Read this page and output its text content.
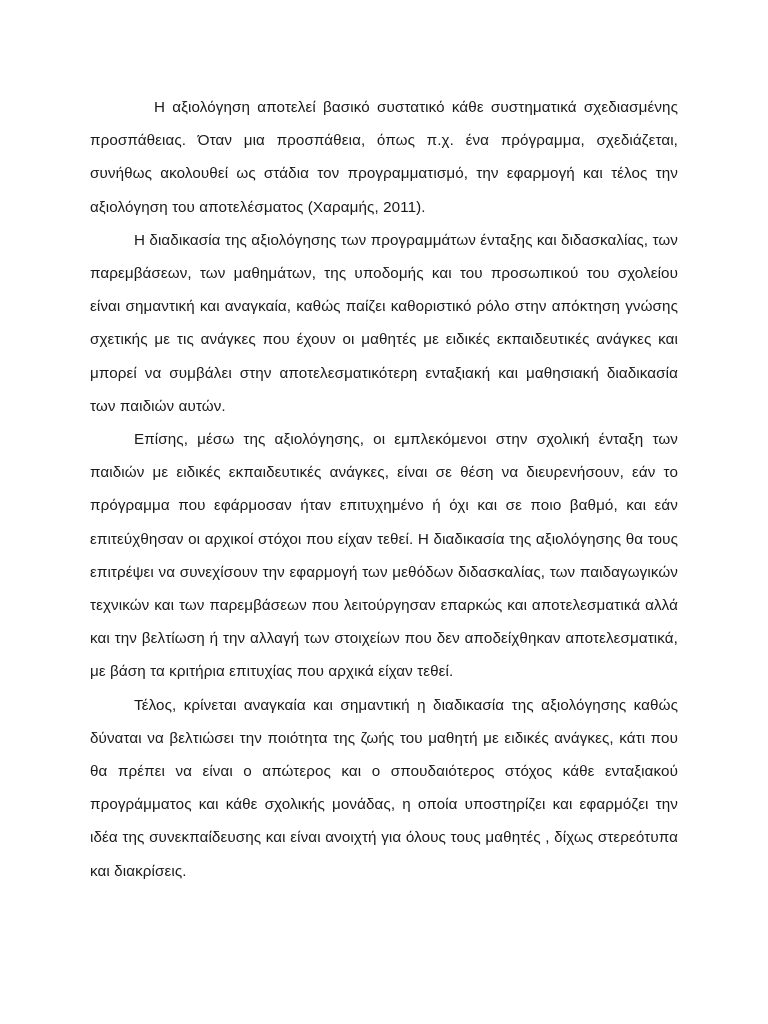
Η αξιολόγηση αποτελεί βασικό συστατικό κάθε συστηματικά σχεδιασμένης προσπάθειας. Όταν μια προσπάθεια, όπως π.χ. ένα πρόγραμμα, σχεδιάζεται, συνήθως ακολουθεί ως στάδια τον προγραμματισμό, την εφαρμογή και τέλος την αξιολόγηση του αποτελέσματος (Χαραμής, 2011).

Η διαδικασία της αξιολόγησης των προγραμμάτων ένταξης και διδασκαλίας, των παρεμβάσεων, των μαθημάτων, της υποδομής και του προσωπικού του σχολείου είναι σημαντική και αναγκαία, καθώς παίζει καθοριστικό ρόλο στην απόκτηση γνώσης σχετικής με τις ανάγκες που έχουν οι μαθητές με ειδικές εκπαιδευτικές ανάγκες και μπορεί να συμβάλει στην αποτελεσματικότερη ενταξιακή και μαθησιακή διαδικασία των παιδιών αυτών.

Επίσης, μέσω της αξιολόγησης, οι εμπλεκόμενοι στην σχολική ένταξη των παιδιών με ειδικές εκπαιδευτικές ανάγκες, είναι σε θέση να διευρενήσουν, εάν το πρόγραμμα που εφάρμοσαν ήταν επιτυχημένο ή όχι και σε ποιο βαθμό, και εάν επιτεύχθησαν οι αρχικοί στόχοι που είχαν τεθεί. Η διαδικασία της αξιολόγησης θα τους επιτρέψει να συνεχίσουν την εφαρμογή των μεθόδων διδασκαλίας, των παιδαγωγικών τεχνικών και των παρεμβάσεων που λειτούργησαν επαρκώς και αποτελεσματικά αλλά και την βελτίωση ή την αλλαγή των στοιχείων που δεν αποδείχθηκαν αποτελεσματικά, με βάση τα κριτήρια επιτυχίας που αρχικά είχαν τεθεί.

Τέλος, κρίνεται αναγκαία και σημαντική η διαδικασία της αξιολόγησης καθώς δύναται να βελτιώσει την ποιότητα της ζωής του μαθητή με ειδικές ανάγκες, κάτι που θα πρέπει να είναι ο απώτερος και ο σπουδαιότερος στόχος κάθε ενταξιακού προγράμματος και κάθε σχολικής μονάδας, η οποία υποστηρίζει και εφαρμόζει την ιδέα της συνεκπαίδευσης και είναι ανοιχτή για όλους τους μαθητές , δίχως στερεότυπα και διακρίσεις.
